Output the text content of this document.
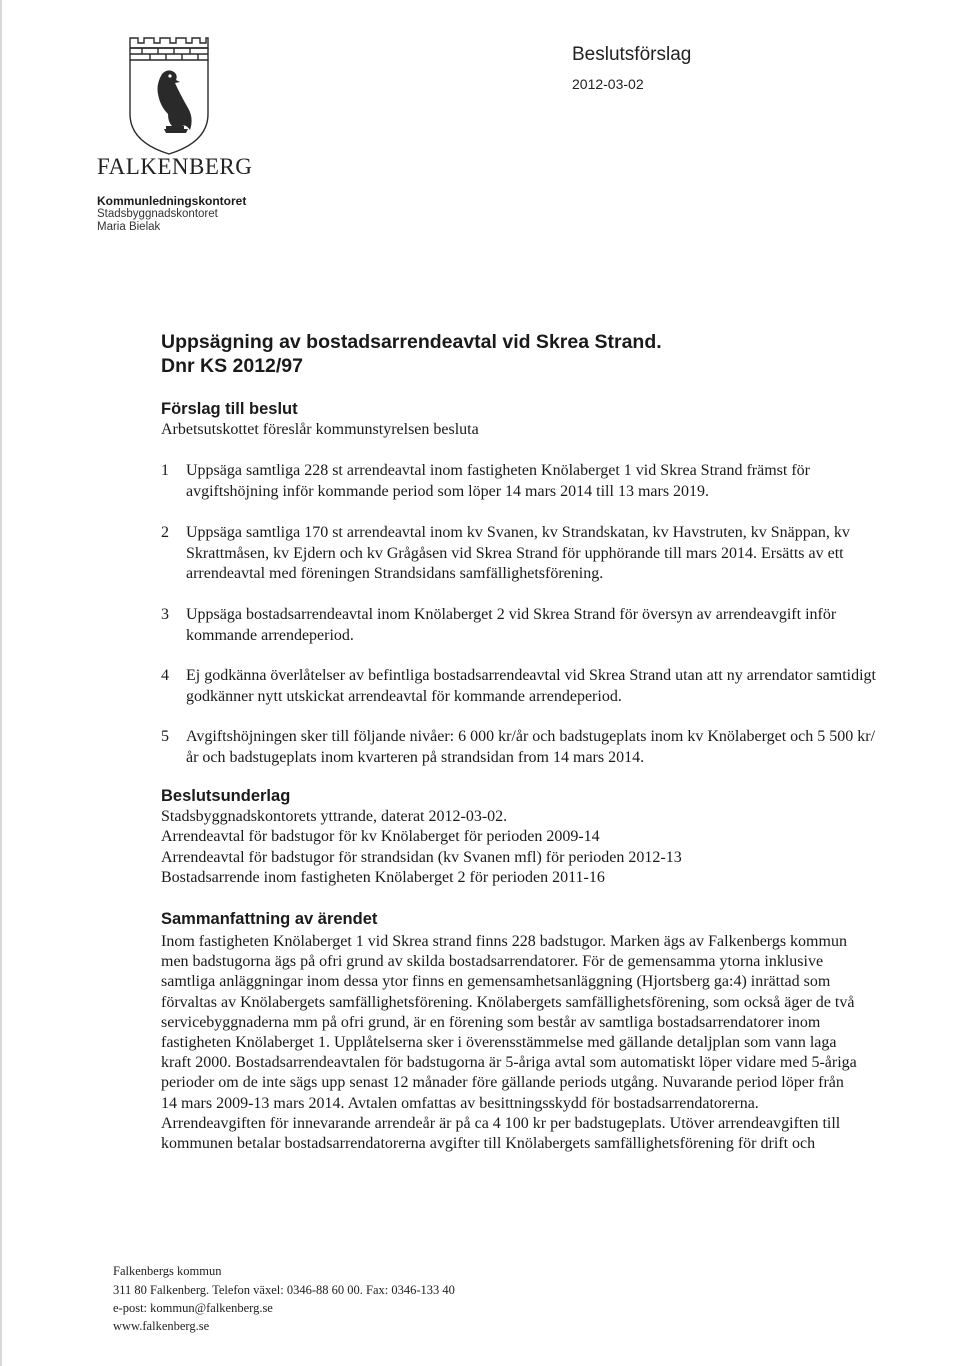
FALKENBERG
Kommunledningskontoret
Stadsbyggnadskontoret
Maria Bielak
Beslutsförslag
2012-03-02
Uppsägning av bostadsarrendeavtal vid Skrea Strand.
Dnr KS 2012/97
Förslag till beslut
Arbetsutskottet föreslår kommunstyrelsen besluta
1 Uppsäga samtliga 228 st arrendeavtal inom fastigheten Knölaberget 1 vid Skrea Strand främst för avgiftshöjning inför kommande period som löper 14 mars 2014 till 13 mars 2019.
2 Uppsäga samtliga 170 st arrendeavtal inom kv Svanen, kv Strandskatan, kv Havstruten, kv Snäppan, kv Skrattmåsen, kv Ejdern och kv Grågåsen vid Skrea Strand för upphörande till mars 2014. Ersätts av ett arrendeavtal med föreningen Strandsidans samfällighetsförening.
3 Uppsäga bostadsarrendeavtal inom Knölaberget 2 vid Skrea Strand för översyn av arrendeavgift inför kommande arrendeperiod.
4 Ej godkänna överlåtelser av befintliga bostadsarrendeavtal vid Skrea Strand utan att ny arrendator samtidigt godkänner nytt utskickat arrendeavtal för kommande arrendeperiod.
5 Avgiftshöjningen sker till följande nivåer: 6 000 kr/år och badstugeplats inom kv Knölaberget och 5 500 kr/år och badstugeplats inom kvarteren på strandsidan from 14 mars 2014.
Beslutsunderlag
Stadsbyggnadskontorets yttrande, daterat 2012-03-02.
Arrendeavtal för badstugor för kv Knölaberget för perioden 2009-14
Arrendeavtal för badstugor för strandsidan (kv Svanen mfl) för perioden 2012-13
Bostadsarrende inom fastigheten Knölaberget 2 för perioden 2011-16
Sammanfattning av ärendet
Inom fastigheten Knölaberget 1 vid Skrea strand finns 228 badstugor. Marken ägs av Falkenbergs kommun men badstugorna ägs på ofri grund av skilda bostadsarrendatorer. För de gemensamma ytorna inklusive samtliga anläggningar inom dessa ytor finns en gemensamhetsanläggning (Hjortsberg ga:4) inrättad som förvaltas av Knölabergets samfällighetsförening. Knölabergets samfällighetsförening, som också äger de två servicebyggnaderna mm på ofri grund, är en förening som består av samtliga bostadsarrendatorer inom fastigheten Knölaberget 1. Upplåtelserna sker i överensstämmelse med gällande detaljplan som vann laga kraft 2000. Bostadsarrendeavtalen för badstugorna är 5-åriga avtal som automatiskt löper vidare med 5-åriga perioder om de inte sägs upp senast 12 månader före gällande periods utgång. Nuvarande period löper från 14 mars 2009-13 mars 2014. Avtalen omfattas av besittningsskydd för bostadsarrendatorerna. Arrendeavgiften för innevarande arrendeår är på ca 4 100 kr per badstugeplats. Utöver arrendeavgiften till kommunen betalar bostadsarrendatorerna avgifter till Knölabergets samfällighetsförening för drift och
Falkenbergs kommun
311 80 Falkenberg. Telefon växel: 0346-88 60 00. Fax: 0346-133 40
e-post: kommun@falkenberg.se
www.falkenberg.se
